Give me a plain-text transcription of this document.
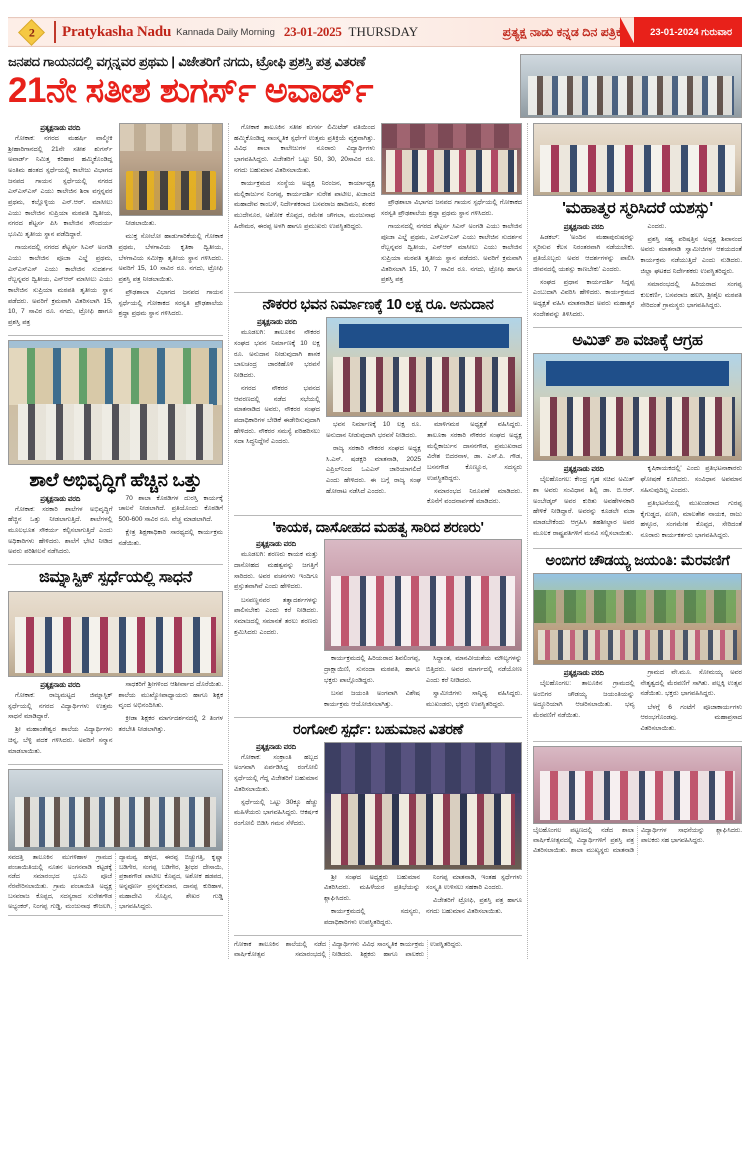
2 Pratykasha Nadu Kannada Daily Morning 23-01-2025 THURSDAY	ಪ್ರತ್ಯಕ್ಷ ನಾಡು ಕನ್ನಡ ದಿನ ಪತ್ರಿಕೆ	23-01-2024 ಗುರುವಾರ
ಜನಪದ ಗಾಯನದಲ್ಲಿ ವಗ್ಗನ್ನವರ ಪ್ರಥಮ | ವಿಜೇತರಿಗೆ ನಗದು, ಟ್ರೋಫಿ ಪ್ರಶಸ್ತಿ ಪತ್ರ ವಿತರಣೆ
21ನೇ ಸತೀಶ ಶುಗರ್ಸ್ ಅವಾರ್ಡ್
ಪ್ರತ್ಯಕ್ಷನಾಡು ವರದಿ

ಗೋಕಾಕ: ನಗರದ ಮಹರ್ಷಿ ವಾಲ್ಮೀಕಿ ಶ್ರೀಹಾರಿಗಾನದಲ್ಲಿ 21ನೇ ಸತೀಶ ಶುಗರ್ಸ್ ಅವಾರ್ಡ್ ನಿಮಿತ್ತ ಕರಿಹಾರ ಹಮ್ಮಿಕೊಂಡಿದ್ದ ಅಂತಿಮ ಹಂತದ ಸ್ಪರ್ಧೆಯಲ್ಲಿ ಕಾಲೇಜು ವಿಭಾಗದ ಜನಪದ ಗಾಯನ ಸ್ಪರ್ಧೆಯಲ್ಲಿ ನಗರದ ಎಸ್ಎಸ್ಎಸ್ ಎಯು ಕಾಲೇಜಿನ ಶಿರಾ ವಗ್ಗನ್ನವರ ಪ್ರಥಮ, ಕಲ್ಲೊಳ್ಳಿಯ ಎನ್.ಆರ್. ಮಾಸೀಲು ಎಯು ಕಾಲೇಜಿನ ಸುಪ್ರಿಯಾ ಮಠಪತಿ ದ್ವಿತೀಯ, ನಗರದ ಶೆಟ್ಟರ್ಸ ಪಿಸಿ ಕಾಲೇಜಿನ ಸೌಂದರ್ಯ ಭೂಮಿ ತೃತೀಯ ಸ್ಥಾನ ಪಡೆದಿದ್ದಾರೆ.

ಗಾಯನದಲ್ಲಿ ನಗರದ ಶೆಟ್ಟರ್ಸ ಸಿಎನ್ ಅಂಗಡಿ ಎಯು ಕಾಲೇಜಿನ ಪೂಜಾ ಎಲ್ಡೆ ಪ್ರಥಮ, ಎಸ್ಎಸ್ಎಸ್ ಎಯು ಕಾಲೇಜಿನ ಸುದರ್ಶನ ರೆಬ್ಬನ್ನವರ ದ್ವಿತೀಯ, ಎನ್ಆರ್ ಮಾಸೀಲು ಎಯು ಕಾಲೇಜಿನ ಸುಪ್ರಿಯಾ ಮಠಪತಿ ತೃತೀಯ ಸ್ಥಾನ ಪಡೆದರು. ಅವರಿಗೆ ಕ್ರಮವಾಗಿ ವಿತರಿಸಲಾಗಿ 15, 10, 7 ಸಾವಿರ ರೂ. ನಗದು, ಟ್ರೋಫಿ ಹಾಗೂ ಪ್ರಶಸ್ತಿ ಪತ್ರ

ನೀಡಲಾಯಿತು.

ಮುಕ್ತ ಸೋಲೋ ಹಾಡುಗಾರಿಕೆಯಲ್ಲಿ ಗೋಕಾಕ ಪ್ರಥಮ, ಬೆಳಗಾವಿಯ ಕೃತಿಕಾ ದ್ವಿತೀಯ, ಬೆಳಗಾವಿಯ ಸಮೀಕ್ಷಾ ತೃತೀಯ ಸ್ಥಾನ ಗಳಿಸಿದರು. ಅವರಿಗೆ 15, 10 ಸಾವಿರ ರೂ. ನಗದು, ಟ್ರೋಫಿ ಪ್ರಶಸ್ತಿ ಪತ್ರ ನೀಡಲಾಯಿತು.

ಪ್ರೌಢಶಾಲಾ ವಿಭಾಗದ ಜನಪದ ಗಾಯನ ಸ್ಪರ್ಧೆಯಲ್ಲಿ ಗೋಕಾಕದ ಸರಸ್ವತಿ ಪ್ರೌಢಶಾಲೆಯ ಶ್ರದ್ಧಾ ಪ್ರಥಮ ಸ್ಥಾನ ಗಳಿಸಿದರು.

ಶಾಲೆ ಅಭಿವೃದ್ಧಿಗೆ ಹೆಚ್ಚಿನ ಒತ್ತು
ಪ್ರತ್ಯಕ್ಷನಾಡು ವರದಿ

ಗೋಕಾಕ: ಸರಕಾರಿ ಶಾಲೆಗಳ ಅಭಿವೃದ್ಧಿಗೆ ಹೆಚ್ಚಿನ ಒತ್ತು ನೀಡಲಾಗುತ್ತಿದೆ. ಶಾಲೆಗಳಲ್ಲಿ ಮೂಲಭೂತ ಸೌಕರ್ಯ ಕಲ್ಪಿಸಲಾಗುತ್ತಿದೆ ಎಂದು ಅಧಿಕಾರಿಗಳು ಹೇಳಿದರು. ಶಾಲೆಗೆ ಭೇಟಿ ನೀಡಿದ ಅವರು ಪರಿಶೀಲನೆ ನಡೆಸಿದರು.

70 ಶಾಲಾ ಕೊಠಡಿಗಳ ದುರಸ್ತಿ ಕಾರ್ಯಕ್ಕೆ ಚಾಲನೆ ನೀಡಲಾಗಿದೆ. ಪ್ರತಿಯೊಂದು ಕೊಠಡಿಗೆ 500-600 ಸಾವಿರ ರೂ. ವೆಚ್ಚ ಮಾಡಲಾಗಿದೆ.

ಕ್ಷೇತ್ರ ಶಿಕ್ಷಣಾಧಿಕಾರಿ ಸಾರಥ್ಯದಲ್ಲಿ ಕಾರ್ಯಕ್ರಮ ನಡೆಯಿತು.

ಜಿಮ್ನಾಸ್ಟಿಕ್ ಸ್ಪರ್ಧೆಯಲ್ಲಿ ಸಾಧನೆ
ಪ್ರತ್ಯಕ್ಷನಾಡು ವರದಿ

ಗೋಕಾಕ: ರಾಜ್ಯಮಟ್ಟದ ಜಿಮ್ನಾಸ್ಟಿಕ್ ಸ್ಪರ್ಧೆಯಲ್ಲಿ ನಗರದ ವಿದ್ಯಾರ್ಥಿಗಳು ಉತ್ತಮ ಸಾಧನೆ ಮಾಡಿದ್ದಾರೆ.

ಶ್ರೀ ಮಹಾಂತೇಶ್ವರ ಶಾಲೆಯ ವಿದ್ಯಾರ್ಥಿಗಳು ಚಿನ್ನ, ಬೆಳ್ಳಿ ಪದಕ ಗಳಿಸಿದರು. ಅವರಿಗೆ ಸನ್ಮಾನ ಮಾಡಲಾಯಿತು.

ಸಾಧಕರಿಗೆ ಶ್ರೀಗಳಿಂದ ಆಶೀರ್ವಾದ ದೊರೆಯಿತು. ಶಾಲೆಯ ಮುಖ್ಯೋಪಾಧ್ಯಾಯರು ಹಾಗೂ ಶಿಕ್ಷಕ ವೃಂದ ಅಭಿನಂದಿಸಿತು.

ಕ್ರೀಡಾ ಶಿಕ್ಷಕರ ಮಾರ್ಗದರ್ಶನದಲ್ಲಿ 2 ತಿಂಗಳ ತರಬೇತಿ ನೀಡಲಾಗಿತ್ತು.

ಸವದತ್ತಿ ತಾಲೂಕಿನ ಮುಗಳಿಹಾಳ ಗ್ರಾಮದ ಪಂಚಾಯಿತಿಯಲ್ಲಿ ನೂತನ ಅಂಗನವಾಡಿ ಕಟ್ಟಡಕ್ಕೆ ನಡೆದ ಸಮಾರಂಭದ ಭೂಮಿ ಪೂಜೆ ನೆರವೇರಿಸಲಾಯಿತು. ಗ್ರಾಮ ಪಂಚಾಯಿತಿ ಅಧ್ಯಕ್ಷ ಬಸವರಾಜ ಕೊಪ್ಪದ, ಸದಸ್ಯರಾದ ಸುರೇಶಗೌಡ ಅಭ್ಯಂಕರ್, ನಿಂಗಪ್ಪ ಗುಡ್ಡಿ, ಮಂಜುನಾಥ ಕೌಜಲಗಿ, ದ್ಯಾಮವ್ವ ಹಳ್ಳದ, ಈರಪ್ಪ ಬಿಚ್ಚುಗತ್ತಿ, ಕೃಷ್ಣಾ ಬಡಿಗೇರ, ಸಂಗಪ್ಪ ಬಡಿಗೇರ, ಶ್ರೀಧರ ದೇಸಾಯಿ, ಪ್ರಕಾಶಗೌಡ ಪಾಟೀಲ ಕೊಪ್ಪದ, ಅಶೋಕ ಹಡಪದ, ಅನ್ನಪೂರ್ಣ ಪ್ರಸನ್ನಕುಮಾರ, ದಾನಪ್ಪ ಕುರಿಹಾಳ, ಮಹಾದೇವಿ ಸೊಪ್ಪಿನ, ಶೇಖರ ಗುಡ್ಡಿ ಭಾಗವಹಿಸಿದ್ದರು.

ಗೋಕಾಕ ತಾಲೂಕಿನ ಸತೀಶ ಶುಗರ್ಸ ಲಿಮಿಟೆಡ್ ವತಿಯಿಂದ ಹಮ್ಮಿಕೊಂಡಿದ್ದ ಸಾಂಸ್ಕೃತಿಕ ಸ್ಪರ್ಧೆಗೆ ಉತ್ತಮ ಪ್ರತಿಕ್ರಿಯೆ ವ್ಯಕ್ತವಾಗಿತ್ತು. ವಿವಿಧ ಶಾಲಾ ಕಾಲೇಜುಗಳ ನೂರಾರು ವಿದ್ಯಾರ್ಥಿಗಳು ಭಾಗವಹಿಸಿದ್ದರು. ವಿಜೇತರಿಗೆ ಒಟ್ಟು 50, 30, 20ಸಾವಿರ ರೂ. ನಗದು ಬಹುಮಾನ ವಿತರಿಸಲಾಯಿತು.

ಕಾರ್ಯಕ್ರಮದ ಸಂಸ್ಥೆಯ ಅಧ್ಯಕ್ಷ ನಿರಂಜನ, ಕಾರ್ಯಾಧ್ಯಕ್ಷ ಮಲ್ಲಿಕಾರ್ಜುನ ನಿಂಗಪ್ಪ, ಕಾರ್ಯದರ್ಶಿ ಸುರೇಶ ಪಾಟೀಲ, ಖಜಾಂಚಿ ಮಹಾದೇವ ಕಾಂಬಳೆ, ನಿರ್ದೇಶಕರಾದ ಬಸವರಾಜ ಹಾದಿಮನಿ, ಶಂಕರ ಮುದೇನೂರ, ಅಶೋಕ ಕೊಪ್ಪದ, ರಮೇಶ ಚೌಗಲಾ, ಮಂಜುನಾಥ ಹಿರೇಮಠ, ಈರಪ್ಪ ಅಳಗಿ ಹಾಗೂ ಪ್ರಮುಖರು ಉಪಸ್ಥಿತರಿದ್ದರು.

ಪ್ರೌಢಶಾಲಾ ವಿಭಾಗದ ಜನಪದ ಗಾಯನ ಸ್ಪರ್ಧೆಯಲ್ಲಿ ಗೋಕಾಕದ ಸರಸ್ವತಿ ಪ್ರೌಢಶಾಲೆಯ ಶ್ರದ್ಧಾ ಪ್ರಥಮ ಸ್ಥಾನ ಗಳಿಸಿದರು.

ಗಾಯನದಲ್ಲಿ ನಗರದ ಶೆಟ್ಟರ್ಸ ಸಿಎನ್ ಅಂಗಡಿ ಎಯು ಕಾಲೇಜಿನ ಪೂಜಾ ಎಲ್ಡೆ ಪ್ರಥಮ, ಎಸ್ಎಸ್ಎಸ್ ಎಯು ಕಾಲೇಜಿನ ಸುದರ್ಶನ ರೆಬ್ಬನ್ನವರ ದ್ವಿತೀಯ, ಎನ್ಆರ್ ಮಾಸೀಲು ಎಯು ಕಾಲೇಜಿನ ಸುಪ್ರಿಯಾ ಮಠಪತಿ ತೃತೀಯ ಸ್ಥಾನ ಪಡೆದರು. ಅವರಿಗೆ ಕ್ರಮವಾಗಿ ವಿತರಿಸಲಾಗಿ 15, 10, 7 ಸಾವಿರ ರೂ. ನಗದು, ಟ್ರೋಫಿ ಹಾಗೂ ಪ್ರಶಸ್ತಿ ಪತ್ರ

ನೌಕರರ ಭವನ ನಿರ್ಮಾಣಕ್ಕೆ 10 ಲಕ್ಷ ರೂ. ಅನುದಾನ
ಪ್ರತ್ಯಕ್ಷನಾಡು ವರದಿ

ಮೂಡಲಗಿ: ತಾಲೂಕಿನ ನೌಕರರ ಸಂಘದ ಭವನ ನಿರ್ಮಾಣಕ್ಕೆ 10 ಲಕ್ಷ ರೂ. ಅನುದಾನ ನೀಡುವುದಾಗಿ ಶಾಸಕ ಬಾಲಚಂದ್ರ ಜಾರಕಿಹೊಳಿ ಭರವಸೆ ನೀಡಿದರು.

ನಗರದ ನೌಕರರ ಭವನದ ಆವರಣದಲ್ಲಿ ನಡೆದ ಸಭೆಯಲ್ಲಿ ಮಾತನಾಡಿದ ಅವರು, ನೌಕರರ ಸಂಘದ ಪದಾಧಿಕಾರಿಗಳ ಬೇಡಿಕೆ ಈಡೇರಿಸುವುದಾಗಿ ಹೇಳಿದರು. ನೌಕರರ ಸಮಸ್ಯೆ ಪರಿಹರಿಸಲು ಸದಾ ಸಿದ್ಧನಿದ್ದೇನೆ ಎಂದರು.

ಭವನ ನಿರ್ಮಾಣಕ್ಕೆ 10 ಲಕ್ಷ ರೂ. ಅನುದಾನ ನೀಡುವುದಾಗಿ ಭರವಸೆ ನೀಡಿದರು.

ರಾಜ್ಯ ಸರಕಾರಿ ನೌಕರರ ಸಂಘದ ಅಧ್ಯಕ್ಷ ಸಿ.ಎಸ್. ಷಡಕ್ಷರಿ ಮಾತನಾಡಿ, 2025 ಎಪ್ರಿಲ್‌ನಿಂದ ಒಎಎಸ್ ಜಾರಿಯಾಗಲಿದೆ ಎಂದು ಹೇಳಿದರು. ಈ ಬಗ್ಗೆ ರಾಜ್ಯ ಸಂಘ ಹೋರಾಟ ನಡೆಸಿದೆ ಎಂದರು.

ಮಾಳಿಗಮಠ ಅಧ್ಯಕ್ಷತೆ ವಹಿಸಿದ್ದರು. ತಾಲೂಕಾ ಸರಕಾರಿ ನೌಕರರ ಸಂಘದ ಅಧ್ಯಕ್ಷ ಮಲ್ಲಿಕಾರ್ಜುನ ದಾಸನಗೌಡ, ಪ್ರಮುಖರಾದ ವಿರೇಶ ಬಿದರನಾಳ, ಡಾ. ಎಸ್.ಪಿ. ಗೌಡ, ಬಸನಗೌಡ ಕೊಣ್ಣೂರ, ಸದಸ್ಯರು ಉಪಸ್ಥಿತರಿದ್ದರು.

ಸಮಾರಂಭದ ನಿರೂಪಣೆ ಮಾಡಿದರು. ಕೊನೆಗೆ ವಂದನಾರ್ಪಣೆ ಮಾಡಿದರು.

'ಕಾಯಕ, ದಾಸೋಹದ ಮಹತ್ವ ಸಾರಿದ ಶರಣರು'
ಪ್ರತ್ಯಕ್ಷನಾಡು ವರದಿ

ಮೂಡಲಗಿ: ಶರಣರು ಕಾಯಕ ಮತ್ತು ದಾಸೋಹದ ಮಹತ್ವವನ್ನು ಜಗತ್ತಿಗೆ ಸಾರಿದರು. ಅವರ ವಚನಗಳು ಇಂದಿಗೂ ಪ್ರಸ್ತುತವಾಗಿವೆ ಎಂದು ಹೇಳಿದರು.

ಬಸವಣ್ಣನವರ ತತ್ವಾದರ್ಶಗಳನ್ನು ಪಾಲಿಸಬೇಕು ಎಂದು ಕರೆ ನೀಡಿದರು. ಸಮಾಜದಲ್ಲಿ ಸಮಾನತೆ ತರಲು ಶರಣರು ಶ್ರಮಿಸಿದರು ಎಂದರು.

ಕಾರ್ಯಕ್ರಮದಲ್ಲಿ ಹಿರಿಯರಾದ ಶಿವಲಿಂಗಪ್ಪ, ದ್ರಾಕ್ಷಾಯಿಣಿ, ಸುನಂದಾ ಮಠಪತಿ, ಹಾಗೂ ಭಕ್ತರು ಪಾಲ್ಗೊಂಡಿದ್ದರು.

ಬಸವ ಜಯಂತಿ ಅಂಗವಾಗಿ ವಿಶೇಷ ಕಾರ್ಯಕ್ರಮ ಆಯೋಜಿಸಲಾಗಿತ್ತು.

ಸಿದ್ಧಾಂತ, ಮಾನವೀಯತೆಯ ಮೌಲ್ಯಗಳನ್ನು ಬಿತ್ತಿದರು. ಅವರ ಮಾರ್ಗದಲ್ಲಿ ನಡೆಯೋಣ ಎಂದು ಕರೆ ನೀಡಿದರು.

ಸ್ವಾಮೀಜಿಗಳು ಸಾನ್ನಿಧ್ಯ ವಹಿಸಿದ್ದರು. ಮುಖಂಡರು, ಭಕ್ತರು ಉಪಸ್ಥಿತರಿದ್ದರು.

ರಂಗೋಲಿ ಸ್ಪರ್ಧೆ: ಬಹುಮಾನ ವಿತರಣೆ
ಪ್ರತ್ಯಕ್ಷನಾಡು ವರದಿ

ಗೋಕಾಕ: ಸಂಕ್ರಾಂತಿ ಹಬ್ಬದ ಅಂಗವಾಗಿ ಏರ್ಪಡಿಸಿದ್ದ ರಂಗೋಲಿ ಸ್ಪರ್ಧೆಯಲ್ಲಿ ಗೆದ್ದ ವಿಜೇತರಿಗೆ ಬಹುಮಾನ ವಿತರಿಸಲಾಯಿತು.

ಸ್ಪರ್ಧೆಯಲ್ಲಿ ಒಟ್ಟು 30ಕ್ಕೂ ಹೆಚ್ಚು ಮಹಿಳೆಯರು ಭಾಗವಹಿಸಿದ್ದರು. ಆಕರ್ಷಕ ರಂಗೋಲಿ ಬಿಡಿಸಿ ಗಮನ ಸೆಳೆದರು.

ಶ್ರೀ ಸಂಘದ ಅಧ್ಯಕ್ಷರು ಬಹುಮಾನ ವಿತರಿಸಿದರು. ಮಹಿಳೆಯರ ಪ್ರತಿಭೆಯನ್ನು ಶ್ಲಾಘಿಸಿದರು.

ಕಾರ್ಯಕ್ರಮದಲ್ಲಿ ಸದಸ್ಯರು, ಪದಾಧಿಕಾರಿಗಳು ಉಪಸ್ಥಿತರಿದ್ದರು.

ನಿಂಗಪ್ಪ ಮಾತನಾಡಿ, ಇಂತಹ ಸ್ಪರ್ಧೆಗಳು ಸಂಸ್ಕೃತಿ ಉಳಿಸಲು ಸಹಕಾರಿ ಎಂದರು.

ವಿಜೇತರಿಗೆ ಟ್ರೋಫಿ, ಪ್ರಶಸ್ತಿ ಪತ್ರ ಹಾಗೂ ನಗದು ಬಹುಮಾನ ವಿತರಿಸಲಾಯಿತು.

ಗೋಕಾಕ ತಾಲೂಕಿನ ಶಾಲೆಯಲ್ಲಿ ನಡೆದ ವಾರ್ಷಿಕೋತ್ಸವ ಸಮಾರಂಭದಲ್ಲಿ ವಿದ್ಯಾರ್ಥಿಗಳು ವಿವಿಧ ಸಾಂಸ್ಕೃತಿಕ ಕಾರ್ಯಕ್ರಮ ನೀಡಿದರು. ಶಿಕ್ಷಕರು ಹಾಗೂ ಪಾಲಕರು ಉಪಸ್ಥಿತರಿದ್ದರು.
'ಮಹಾತ್ಮರ ಸ್ಮರಿಸಿದರೆ ಯಶಸ್ಸು'
ಪ್ರತ್ಯಕ್ಷನಾಡು ವರದಿ

ಹಿಡಕಲ್: 'ಅಂದಿನ ಮಹಾಪುರುಷರನ್ನು ಸ್ಮರಿಸುವ ಕೆಲಸ ನಿರಂತರವಾಗಿ ನಡೆಯಬೇಕು. ಪ್ರತಿಯೊಬ್ಬರು ಅವರ ಆದರ್ಶಗಳನ್ನು ಪಾಲಿಸಿ ಜೀವನದಲ್ಲಿ ಯಶಸ್ಸು ಕಾಣಬೇಕು' ಎಂದರು.

ಸಂಘದ ಪ್ರಧಾನ ಕಾರ್ಯದರ್ಶಿ ಸಿದ್ದಪ್ಪ ಎಂಬುದಾಗಿ ವಿವರಿಸಿ ಹೇಳಿದರು. ಕಾರ್ಯಕ್ರಮದ ಅಧ್ಯಕ್ಷತೆ ವಹಿಸಿ ಮಾತನಾಡಿದ ಅವರು ಮಹಾತ್ಮರ ಸಂದೇಶವನ್ನು ತಿಳಿಸಿದರು.

ಎಂದರು.

ಪ್ರಶಸ್ತಿ ಸಹ್ಯ ಪರಿಷತ್ತಿನ ಅಧ್ಯಕ್ಷ ಶಿವಾನಂದ ಅವರು ಮಾತನಾಡಿ ಸ್ವಾಮೀಜಿಗಳ ಆಶಯದಂತೆ ಕಾರ್ಯಕ್ರಮ ನಡೆಯುತ್ತಿದೆ ಎಂದು ನುಡಿದರು. ಜಿಲ್ಲಾ ಘಟಕದ ನಿರ್ದೇಶಕರು ಉಪಸ್ಥಿತರಿದ್ದರು.

ಸಮಾರಂಭದಲ್ಲಿ ಹಿರಿಯರಾದ ಸಂಗಪ್ಪ ಕುಲಕರ್ಣಿ, ಬಸವರಾಜ ಹಲಗಿ, ಶ್ರೀಶೈಲ ಮಠಪತಿ ಸೇರಿದಂತೆ ಗ್ರಾಮಸ್ಥರು ಭಾಗವಹಿಸಿದ್ದರು.

ಅಮಿತ್ ಶಾ ವಜಾಕ್ಕೆ ಆಗ್ರಹ
ಪ್ರತ್ಯಕ್ಷನಾಡು ವರದಿ

ಬೈಲಹೊಂಗಲ: ಕೇಂದ್ರ ಗೃಹ ಸಚಿವ ಅಮಿತ್ ಶಾ ಅವರು ಸಂವಿಧಾನ ಶಿಲ್ಪಿ ಡಾ. ಬಿ.ಆರ್. ಅಂಬೇಡ್ಕರ್ ಅವರ ಕುರಿತು ಅವಹೇಳನಕಾರಿ ಹೇಳಿಕೆ ನೀಡಿದ್ದಾರೆ. ಅವರನ್ನು ಕೂಡಲೇ ವಜಾ ಮಾಡಬೇಕೆಂದು ಆಗ್ರಹಿಸಿ ತಹಶೀಲ್ದಾರ ಅವರ ಮೂಲಕ ರಾಷ್ಟ್ರಪತಿಗಳಿಗೆ ಮನವಿ ಸಲ್ಲಿಸಲಾಯಿತು.

ಕೃಷಿಕಾಯಕದಲ್ಲಿ' ಎಂದು ಪ್ರತಿಭಟನಾಕಾರರು ಘೋಷಣೆ ಕೂಗಿದರು. ಸಂವಿಧಾನ ಅಪಮಾನ ಸಹಿಸುವುದಿಲ್ಲ ಎಂದರು.

ಪ್ರತಿಭಟನೆಯಲ್ಲಿ ಮುಖಂಡರಾದ ಗುರಪ್ಪ ಕೈಗುಡ್ಡದ, ಏಣಗಿ, ಮಾಲತೇಶ ನಾಯಕ, ರಾಜು ಹಳ್ಳೂರ, ಸಂಗಮೇಶ ಕೊಪ್ಪದ, ಸೇರಿದಂತೆ ನೂರಾರು ಕಾರ್ಯಕರ್ತರು ಭಾಗವಹಿಸಿದ್ದರು.

ಅಂಬಿಗರ ಚೌಡಯ್ಯ ಜಯಂತಿ: ಮೆರವಣಿಗೆ
ಪ್ರತ್ಯಕ್ಷನಾಡು ವರದಿ

ಬೈಲಹೊಂಗಲ: ತಾಲೂಕಿನ ಗ್ರಾಮದಲ್ಲಿ ಅಂಬಿಗರ ಚೌಡಯ್ಯ ಜಯಂತಿಯನ್ನು ಅದ್ಧೂರಿಯಾಗಿ ಆಚರಿಸಲಾಯಿತು. ಭವ್ಯ ಮೆರವಣಿಗೆ ನಡೆಯಿತು.

ಗ್ರಾಮದ ವೇ.ಮೂ. ಸೋಮಯ್ಯ ಅವರ ನೇತೃತ್ವದಲ್ಲಿ ಮೆರವಣಿಗೆ ಸಾಗಿತು. ಪಲ್ಲಕ್ಕಿ ಉತ್ಸವ ನಡೆಯಿತು. ಭಕ್ತರು ಭಾಗವಹಿಸಿದ್ದರು.

ಬೆಳಗ್ಗೆ 6 ಗಂಟೆಗೆ ಪೂಜಾಕಾರ್ಯಗಳು ಆರಂಭಗೊಂಡವು. ಮಹಾಪ್ರಸಾದ ವಿತರಿಸಲಾಯಿತು.

ಬೈಲಹೊಂಗಲ ಪಟ್ಟಣದಲ್ಲಿ ನಡೆದ ಶಾಲಾ ವಾರ್ಷಿಕೋತ್ಸವದಲ್ಲಿ ವಿದ್ಯಾರ್ಥಿಗಳಿಗೆ ಪ್ರಶಸ್ತಿ ಪತ್ರ ವಿತರಿಸಲಾಯಿತು. ಶಾಲಾ ಮುಖ್ಯಸ್ಥರು ಮಾತನಾಡಿ ವಿದ್ಯಾರ್ಥಿಗಳ ಸಾಧನೆಯನ್ನು ಶ್ಲಾಘಿಸಿದರು. ಪಾಲಕರು ಸಹ ಭಾಗವಹಿಸಿದ್ದರು.
